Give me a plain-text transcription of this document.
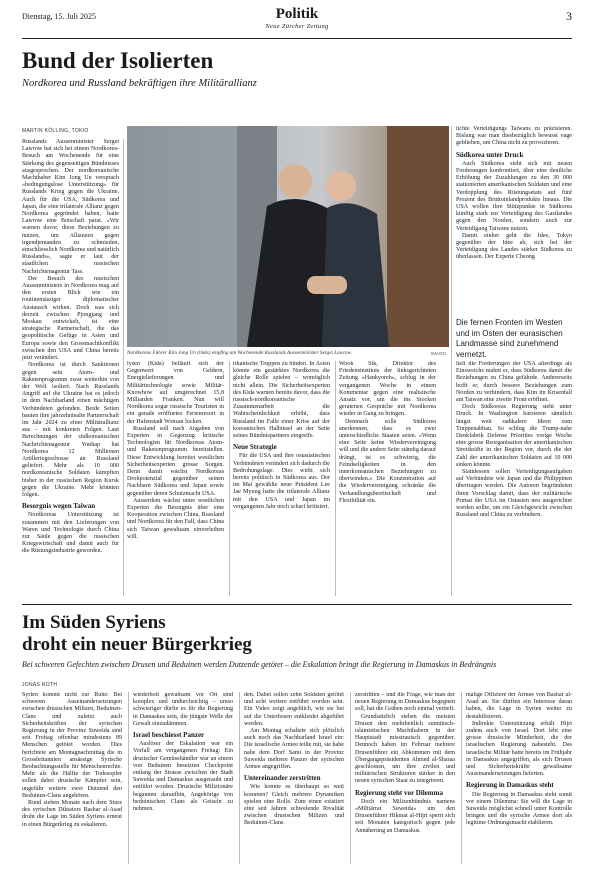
Dienstag, 15. Juli 2025	Politik
Neue Zürcher Zeitung
3
Bund der Isolierten

Nordkorea und Russland bekräftigen ihre Militärallianz

MARTIN KÖLLING, TOKIO

Russlands Aussenminister Sergei Lawrow hat sich bei einem Nordkorea-Besuch am Wochenende für eine Stärkung des gegenseitigen Bündnisses ausgesprochen. Der nordkoreanische Machthaber Kim Jong Un versprach «bedingungslose Unterstützung» für Russlands Krieg gegen die Ukraine. Auch für die USA, Südkorea und Japan, die eine trilaterale Allianz gegen Nordkorea gegründet haben, hatte Lawrow eine Botschaft parat. «Wir warnen davor, diese Beziehungen zu nutzen, um Allianzen gegen irgendjemanden zu schmieden, einschliesslich Nordkorea und natürlich Russlands», sagte er laut der staatlichen russischen Nachrichtenagentur Tass.

Der Besuch des russischen Aussenministers in Nordkorea mag auf den ersten Blick wie ein routinemässiger diplomatischer Austausch wirken. Doch was sich derzeit zwischen Pjongjang und Moskau entwickelt, ist eine strategische Partnerschaft, die das geopolitische Gefüge in Asien und Europa sowie den Grossmachtkonflikt zwischen den USA und China bereits jetzt verändert.

Nordkorea ist durch Sanktionen gegen sein Atom- und Raketenprogramm zwar weiterhin von der Welt isoliert. Nach Russlands Angriff auf die Ukraine hat es jedoch in dem Nachbarland einen mächtigen Verbündeten gefunden. Beide Seiten bauten ihre jahrzehntealte Partnerschaft im Jahr 2024 zu einer Militärallianz aus – mit konkreten Folgen. Laut Berechnungen der südkoreanischen Nachrichtenagentur Yonhap hat Nordkorea 12 Millionen Artilleriegeschosse an Russland geliefert. Mehr als 10 000 nordkoreanische Soldaten kämpften bisher in der russischen Region Kursk gegen die Ukraine. Mehr könnten folgen.

Besorgnis wegen Taiwan

Nordkoreas Unterstützung ist zusammen mit den Lieferungen von Waren und Technologie durch China zur Säule gegen die russischen Kriegswirtschaft und damit auch für die Rüstungsindustrie geworden.

Nordkoreas Führer Kim Jong Un (links) empfing am Wochenende Russlands Aussenminister Sergei Lawrow.	IMAGO

lysen (Kida) belläuft sich der Gegenwert von Geldern, Energielieferungen und Militärtechnologie sowie Militär-Knowhow auf umgerechnet 15,8 Milliarden Franken. Nun will Nordkorea sogar russische Touristen in ein gerade eröffnetes Ferienresort in der Hafenstadt Wonsan locken.

Russland soll nach Angaben von Experten in Gegenzug kritische Technologien für Nordkoreas Atom- und Raketenprogramm bereitstellen. Diese Entwicklung bereitet westlichen Sicherheitsexperten grosse Sorgen. Denn damit wächst Nordkoreas Drohpotenzial gegenüber seinen Nachbarn Südkorea und Japan sowie gegenüber deren Schutzmacht USA.

Ausserdem wächst unter westlichen Experten die Besorgnis über eine Kooperation zwischen China, Russland und Nordkorea für den Fall, dass China sich Taiwan gewaltsam einverleiben will.

rikanische Truppen zu binden. In Asien könnte ein gestärktes Nordkorea die gleiche Rolle spielen – womöglich nicht allein. Die Sicherheitsexperten des Kida warnen bereits davor, dass die russisch-nordkoreanische Zusammenarbeit die Wahrscheinlichkeit erhöht, dass Russland im Falle einer Krise auf der koreanischen Halbinsel an der Seite seines Bündnispartners eingreife.

Neue Strategie

Für die USA und ihre ostasiatischen Verbündeten verändert sich dadurch die Bedrohungslage. Dies wirkt sich bereits politisch in Südkorea aus. Der im Mai gewählte neue Präsident Lee Jae Myung hatte die trilaterale Allianz mit den USA und Japan im vergangenen Jahr noch scharf kritisiert.

Wook Sik, Direktor des Friedensinstituts der linksgerichteten Zeitung «Hankyoreh», schlug in der vergangenen Woche in einem Kommentar gegen eine realistische Ansatz vor, um die ins Stocken geratenen Gespräche mit Nordkorea wieder in Gang zu bringen.

Demnach solle Südkorea anerkennen, dass es zwei unterschiedliche Staaten seien. «Wenn eine Seite keine Wiedervereinigung will und die andere Seite ständig darauf drängt, ist es schwierig, die Feindseligkeiten in den innerkoreanischen Beziehungen zu überwinden.» Die Konzentration auf die Wiedervereinigung schränke die Verhandlungsbereitschaft und Flexibilität ein.

lichte Verteidigungs Taiwans zu präzisieren. Bislang war man diesbezüglich bewusst vage geblieben, um China nicht zu provozieren.

Südkorea unter Druck

Auch Südkorea sieht sich mit neuen Forderungen konfrontiert, über eine deutliche Erhöhung der Zuzahlungen zu den 30 000 stationierten amerikanischen Soldaten und eine Verdopplung des Rüstungsetats auf fünf Prozent des Bruttoinlandprodukts hinaus. Die USA wollen ihre Stützpunkte in Südkorea künftig stark zur Verteidigung des Gastlandes gegen den Norden, sondern auch zur Verteidigung Taiwans nutzen.

Damit einher geht die Idee, Tokyo gegenüber der Idee ab, sich bei der Verteidigung des Landes stärker Südkorea zu überlassen. Der Experte Cheong

Die fernen Fronten im Westen und im Osten der eurasischen Landmasse sind zunehmend vernetzt.

lielt die Forderungen der USA allerdings als Einsweichs mahnt er, dass Südkorea damit die Beziehungen zu China gefährde. Andererseits hofft er, durch bessere Beziehungen zum Norden zu verhindern, dass Kim im Krisenfall am Taiwan eine zweite Front eröffnet.

Doch Südkoreas Regierung steht unter Druck. In Washington kursieren sämtlich längst weit radikalere Ideen zum Truppenabbau. So schlug die Trump-nahe Denkfabrik Defense Priorities vorige Woche eine grosse Reorganisation der amerikanischen Streitkräfte in der Region vor, durch die der Zahl der amerikanischen Soldaten auf 10 000 sinken könnte.

Stattdessen sollen Verteidigungsaufgaben auf Verbündete wie Japan und die Philippinen übertragen werden. Die Autoren begründeten ihren Vorschlag damit, dass der militärische Primat der USA im Ostasien neu ausgerichtet werden sollte, um ein Gleichgewicht zwischen Russland und China zu verhindern.

Im Süden Syriens
droht ein neuer Bürgerkrieg

Bei schweren Gefechten zwischen Drusen und Beduinen werden Dutzende getötet – die Eskalation bringt die Regierung in Damaskus in Bedrängnis

JONAS ROTH

Syrien kommt nicht zur Ruhe: Bei schweren Auseinandersetzungen zwischen drusischen Milizen, Beduinen-Clans und zuletzt auch Sicherheitskräften der syrischen Regierung in der Provinz Suweida sind seit Freitag offenbar mindestens 89 Menschen getötet worden. Dies berichtete am Montagnachmittag die in Grossbritannien ansässige Syrische Beobachtungsstelle für Menschenrechte. Mehr als die Hälfte der Todesopfer sollen dabei drusische Kämpfer sein, ungefähr weitere zwei Dutzend den Beduinen-Clans angehören.

Rund sieben Monate nach dem Sturz des syrischen Diktators Bashar al-Asad droht die Lage im Süden Syriens erneut in einen Bürgerkrieg zu eskalieren.

wiederholt gewaltsam vor Ort sind komplex und undurchsichtig – umso schwieriger dürfte es für die Regierung in Damaskus sein, die jüngste Welle der Gewalt einzudämmen.

Israel beschiesst Panzer

Auslöser der Eskalation war ein Vorfall am vergangenen Freitag: Ein drusischer Gemüsehändler war an einem von Beduinen besetzten Checkpoint entlang der Strasse zwischen der Stadt Suweida und Damaskus ausgeraubt und entführt worden. Drusische Milizionäre begannen daraufhin, Angehörige von beduinischen Clans als Geiseln zu nehmen.

den. Dabei sollen zehn Soldaten getötet und acht weitere entführt worden sein. Ein Video zeigt angeblich, wie sie bei auf die Unterhosen entkleidet abgeführt werden.

Am Montag schaltete sich plötzlich auch noch das Nachbarland Israel ein: Die israelische Armee teilte mit, sie habe nahe dem Dorf Sami in der Provinz Suweida mehrere Panzer der syrischen Armee angegriffen.

Untereinander zerstritten

Wie konnte es überhaupt so weit kommen? Gleich mehrere Dynamiken spielen eine Rolle. Zum einen existiert eine seit Jahren schwelende Rivalität zwischen drusischen Milizen und Beduinen-Clans.

zerstritten – und die Frage, wie man der neuen Regierung in Damaskus begegnen soll, hat die Gräben noch einmal vertieft.

Grundsätzlich stehen die meisten Drusen den mehrheitlich sunnitisch-islamistischen Machthabern in der Hauptstadt misstrauisch gegenüber. Dennoch haben im Februar mehrere Drusenführer ein Abkommen mit dem Übergangspräsidenten Ahmed al-Sharaa geschlossen, um ihre zivilen und militärischen Strukturen stärker in den neuen syrischen Staat zu integrieren.

Regierung steht vor Dilemma

Doch ein Milizenbündnis namens «Militärrat Suweida» um den Drusenführer Hikmat al-Hijri sperrt sich seit Monaten kategorisch gegen jede Annäherung an Damaskus.

malige Offiziere der Armee von Bashar al-Asad an. Sie dürften ein Interesse daran haben, die Lage in Syrien weiter zu destabilisieren.

Indirekte Unterstützung erhält Hijri zudem auch von Israel. Dort lebt eine grosse drusische Minderheit, die der israelischen Regierung nahesteht. Das israelische Militär hatte bereits im Frühjahr in Damaskus angegriffen, als sich Drusen und Sicherheitskräfte gewaltsame Auseinandersetzungen lieferten.

Regierung in Damaskus steht

Die Regierung in Damaskus steht somit vor einem Dilemma: Sie will die Lage in Suweida möglichst schnell unter Kontrolle bringen und die syrische Armee dort als legitime Ordnungsmacht etablieren.
